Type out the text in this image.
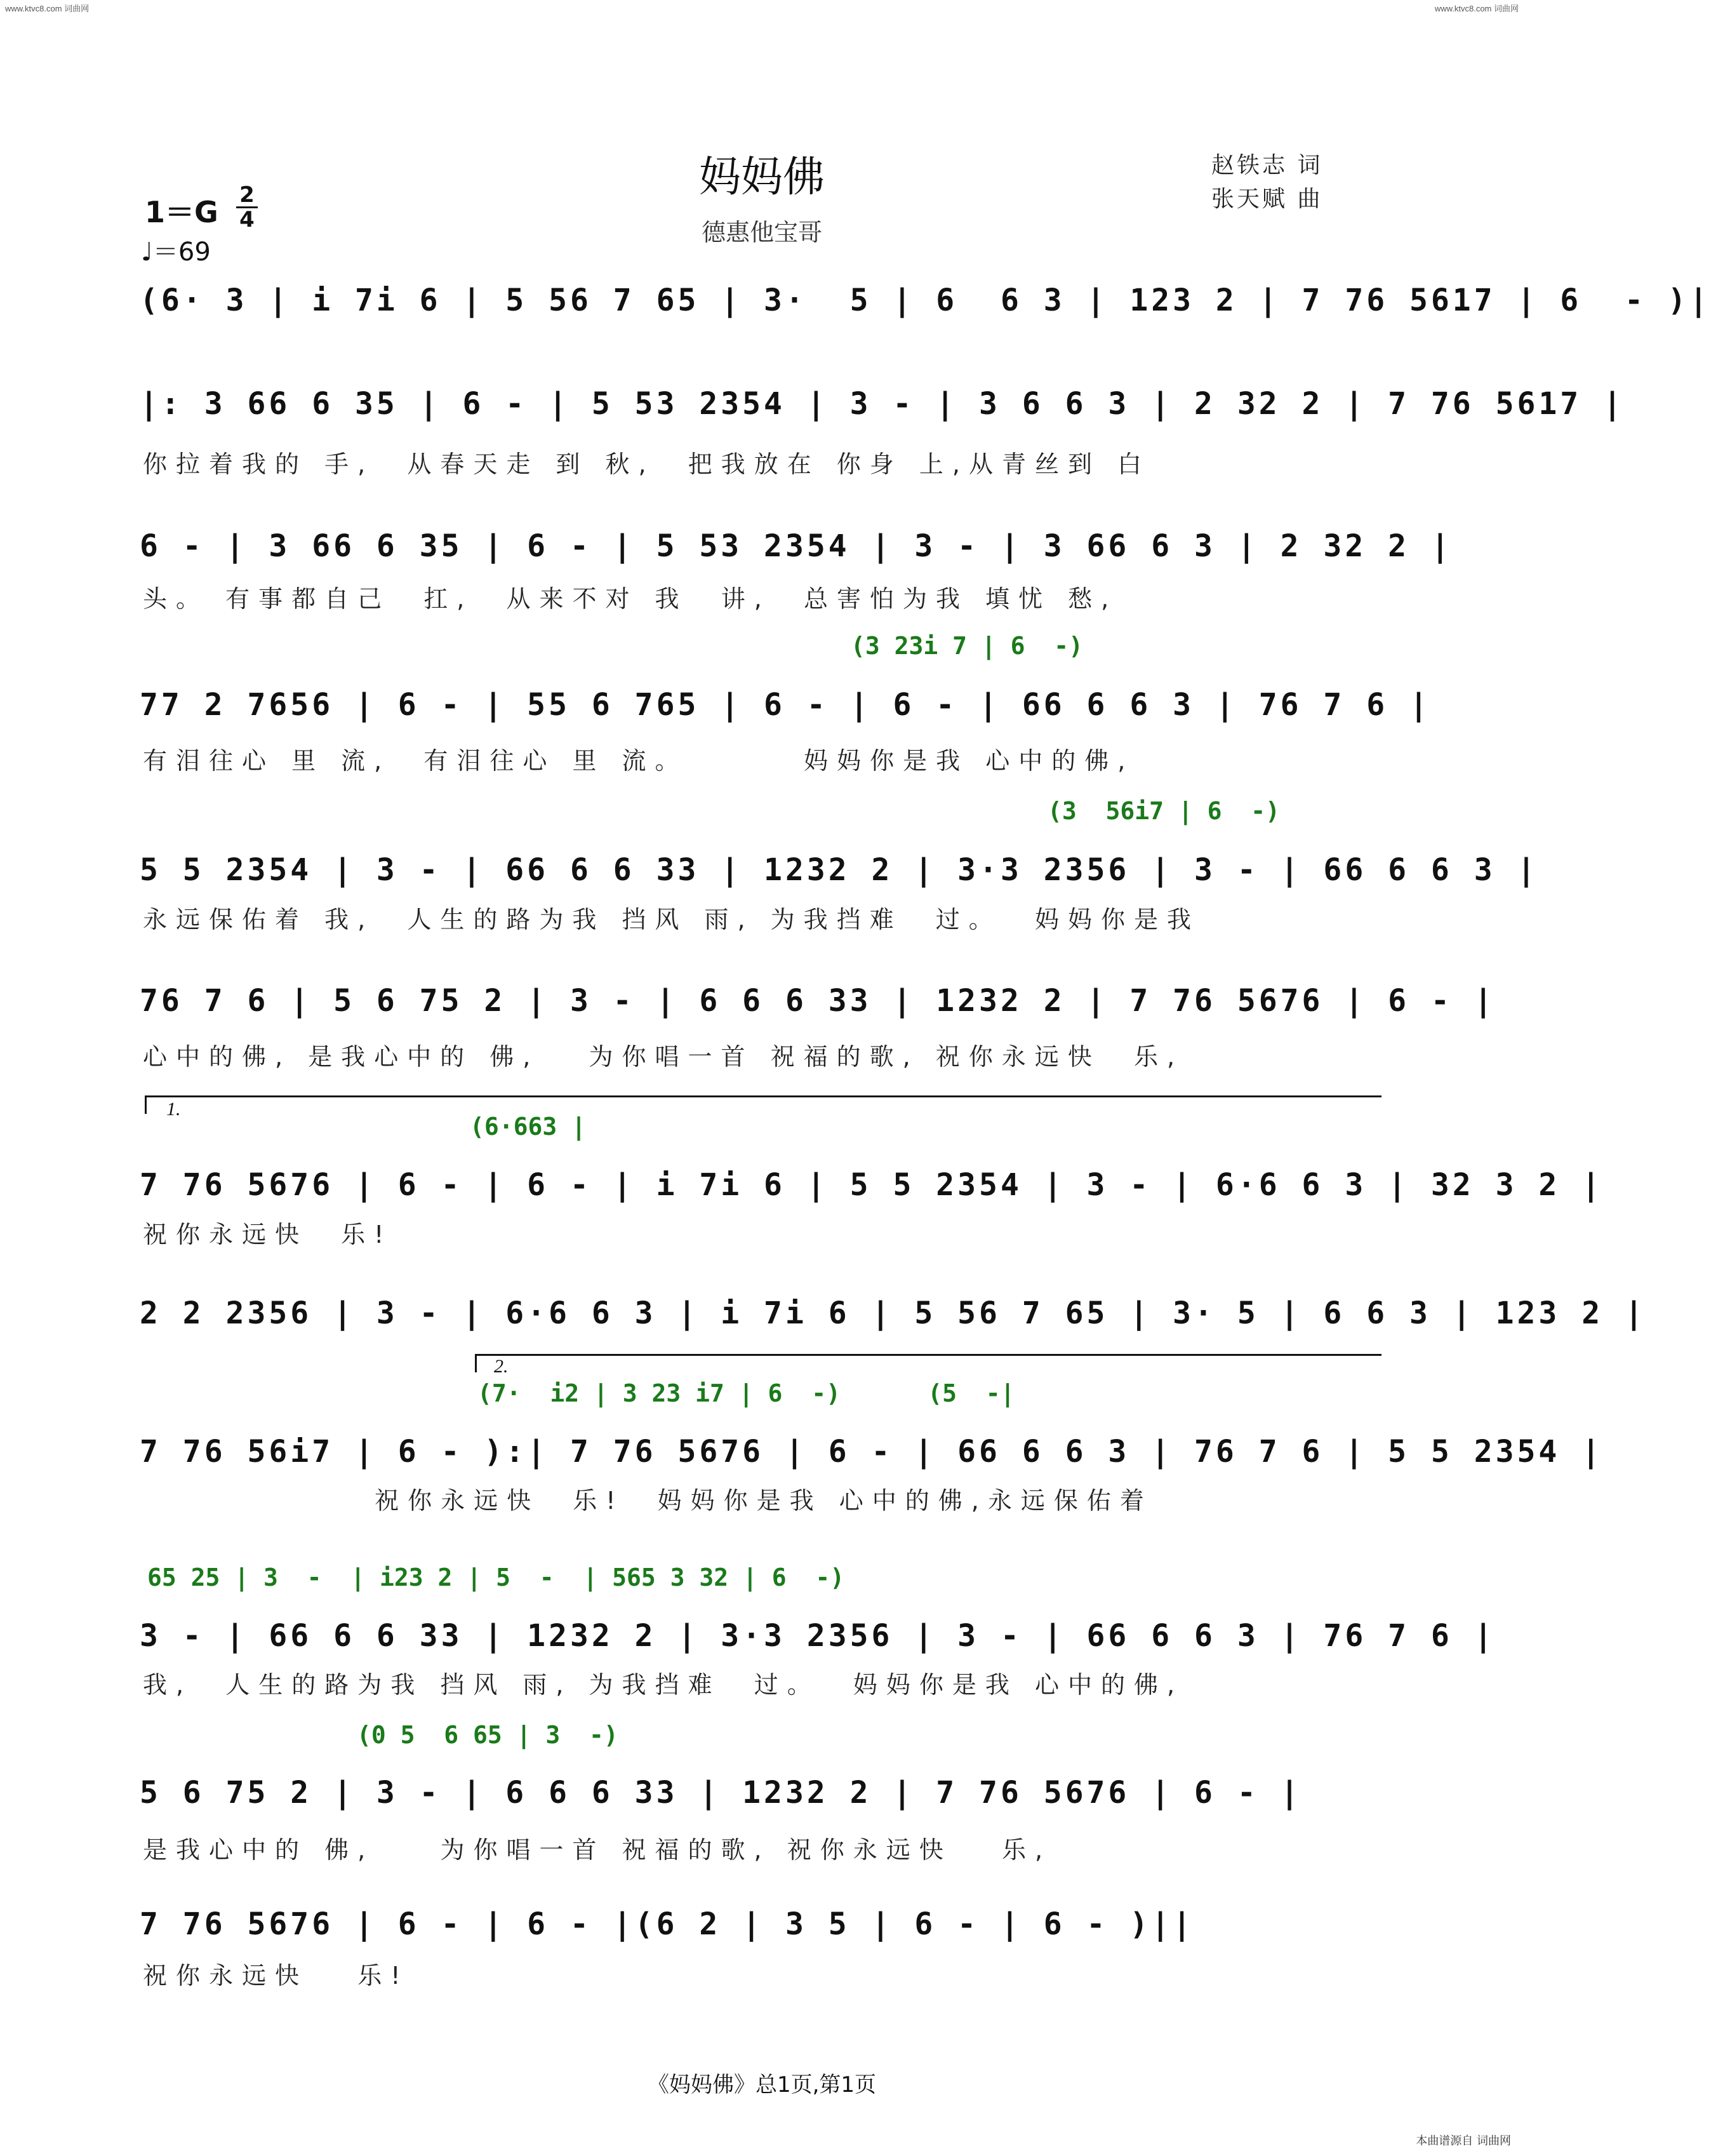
www.ktvc8.com 词曲网	www.ktvc8.com 词曲网
妈妈佛
德惠他宝哥
赵铁志 词
张天赋 曲
1＝G 2
4
♩＝69
(6· 3 | i 7i 6 | 5 56 7 65 | 3·  5 | 6  6 3 | 123 2 | 7 76 5617 | 6  - )|
|: 3 66 6 35 | 6 - | 5 53 2354 | 3 - | 3 6 6 3 | 2 32 2 | 7 76 5617 |
你拉着我的 手,  从春天走 到 秋,  把我放在 你身 上,从青丝到 白
6 - | 3 66 6 35 | 6 - | 5 53 2354 | 3 - | 3 66 6 3 | 2 32 2 |
头。 有事都自己  扛,  从来不对 我  讲,  总害怕为我 填忧 愁,
(3 23i 7 | 6  -)
77 2 7656 | 6 - | 55 6 765 | 6 - | 6 - | 66 6 6 3 | 76 7 6 |
有泪往心 里 流,  有泪往心 里 流。       妈妈你是我 心中的佛,
(3  56i7 | 6  -)
5 5 2354 | 3 - | 66 6 6 33 | 1232 2 | 3·3 2356 | 3 - | 66 6 6 3 |
永远保佑着 我,  人生的路为我 挡风 雨, 为我挡难  过。  妈妈你是我
76 7 6 | 5 6 75 2 | 3 - | 6 6 6 33 | 1232 2 | 7 76 5676 | 6 - |
心中的佛, 是我心中的 佛,   为你唱一首 祝福的歌, 祝你永远快  乐,
1.
(6·663 |
7 76 5676 | 6 - | 6 - | i 7i 6 | 5 5 2354 | 3 - | 6·6 6 3 | 32 3 2 |
祝你永远快  乐!
2 2 2356 | 3 - | 6·6 6 3 | i 7i 6 | 5 56 7 65 | 3· 5 | 6 6 3 | 123 2 |
2.
(7·  i2 | 3 23 i7 | 6  -)      (5  -|
7 76 56i7 | 6 - ):| 7 76 5676 | 6 - | 66 6 6 3 | 76 7 6 | 5 5 2354 |
祝你永远快  乐!  妈妈你是我 心中的佛,永远保佑着
65 25 | 3  -  | i23 2 | 5  -  | 565 3 32 | 6  -)
3 - | 66 6 6 33 | 1232 2 | 3·3 2356 | 3 - | 66 6 6 3 | 76 7 6 |
我,  人生的路为我 挡风 雨, 为我挡难  过。  妈妈你是我 心中的佛,
(0 5  6 65 | 3  -)
5 6 75 2 | 3 - | 6 6 6 33 | 1232 2 | 7 76 5676 | 6 - |
是我心中的 佛,    为你唱一首 祝福的歌, 祝你永远快   乐,
7 76 5676 | 6 - | 6 - |(6 2 | 3 5 | 6 - | 6 - )||
祝你永远快   乐!
《妈妈佛》总1页,第1页
本曲谱源自 词曲网
